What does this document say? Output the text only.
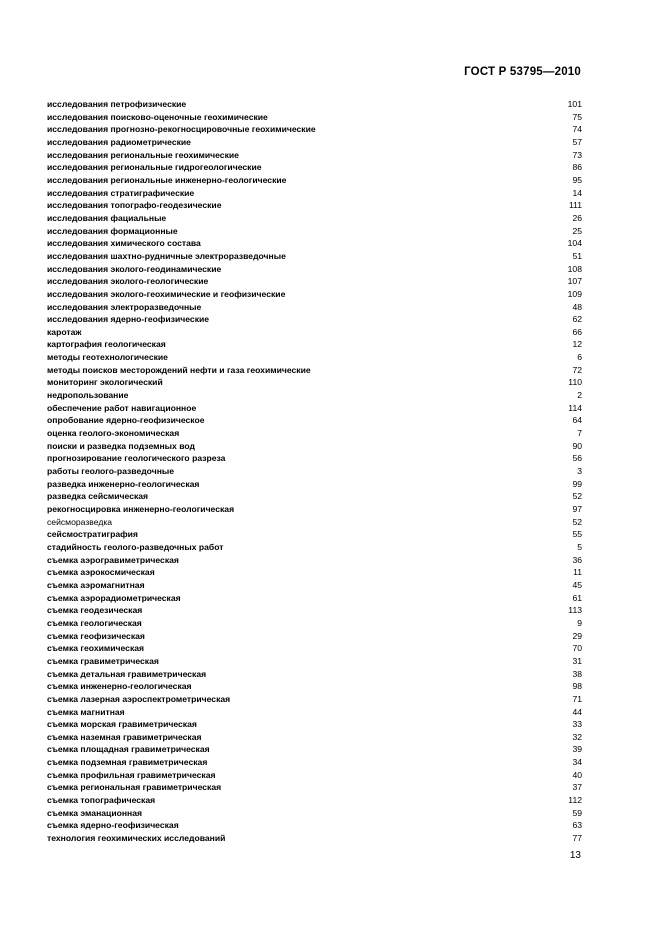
ГОСТ Р 53795—2010
исследования петрофизические	101
исследования поисково-оценочные геохимические	75
исследования прогнозно-рекогносцировочные геохимические	74
исследования радиометрические	57
исследования региональные геохимические	73
исследования региональные гидрогеологические	86
исследования региональные инженерно-геологические	95
исследования стратиграфические	14
исследования топографо-геодезические	111
исследования фациальные	26
исследования формационные	25
исследования химического состава	104
исследования шахтно-рудничные электроразведочные	51
исследования эколого-геодинамические	108
исследования эколого-геологические	107
исследования эколого-геохимические и геофизические	109
исследования электроразведочные	48
исследования ядерно-геофизические	62
каротаж	66
картография геологическая	12
методы геотехнологические	6
методы поисков месторождений нефти и газа геохимические	72
мониторинг экологический	110
недропользование	2
обеспечение работ навигационное	114
опробование ядерно-геофизическое	64
оценка геолого-экономическая	7
поиски и разведка подземных вод	90
прогнозирование геологического разреза	56
работы геолого-разведочные	3
разведка инженерно-геологическая	99
разведка сейсмическая	52
рекогносцировка инженерно-геологическая	97
сейсморазведка	52
сейсмостратиграфия	55
стадийность геолого-разведочных работ	5
съемка аэрогравиметрическая	36
съемка аэрокосмическая	11
съемка аэромагнитная	45
съемка аэрорадиометрическая	61
съемка геодезическая	113
съемка геологическая	9
съемка геофизическая	29
съемка геохимическая	70
съемка гравиметрическая	31
съемка детальная гравиметрическая	38
съемка инженерно-геологическая	98
съемка лазерная аэроспектрометрическая	71
съемка магнитная	44
съемка морская гравиметрическая	33
съемка наземная гравиметрическая	32
съемка площадная гравиметрическая	39
съемка подземная гравиметрическая	34
съемка профильная гравиметрическая	40
съемка региональная гравиметрическая	37
съемка топографическая	112
съемка эманационная	59
съемка ядерно-геофизическая	63
технология геохимических исследований	77
13
